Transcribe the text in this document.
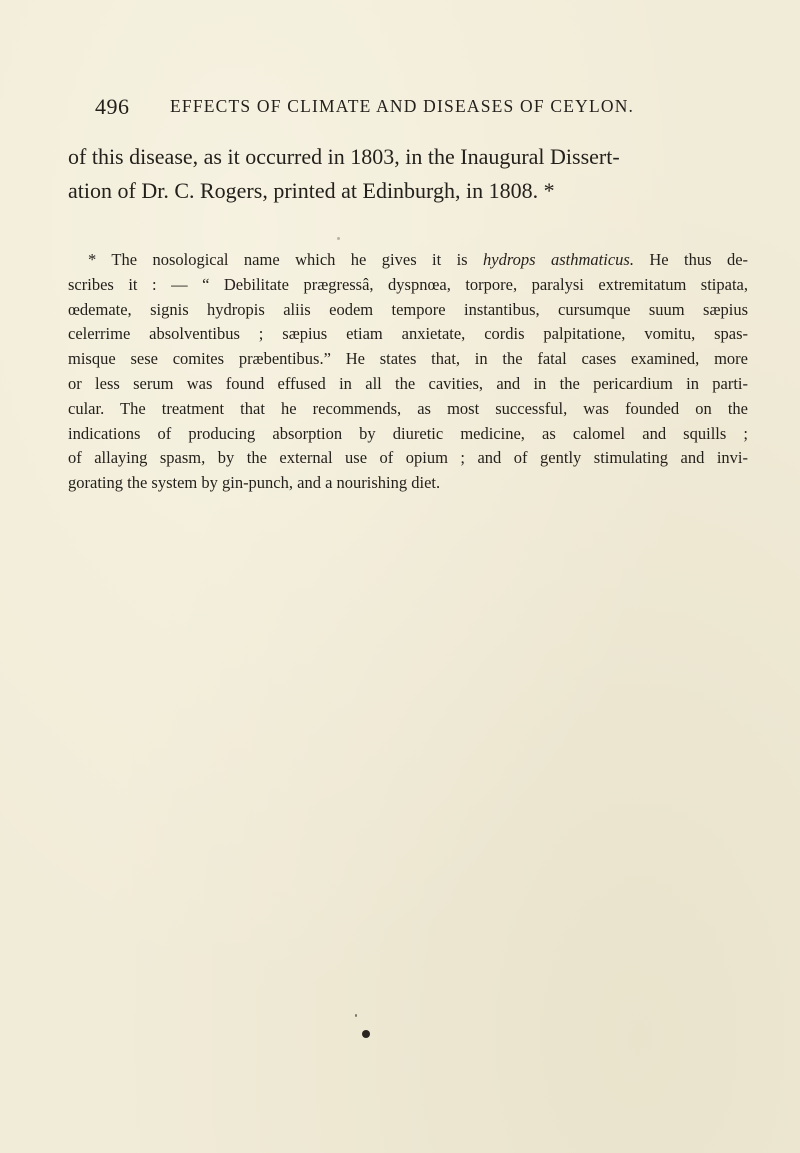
496 EFFECTS OF CLIMATE AND DISEASES OF CEYLON.
of this disease, as it occurred in 1803, in the Inaugural Dissert-
ation of Dr. C. Rogers, printed at Edinburgh, in 1808. *
* The nosological name which he gives it is hydrops asthmaticus. He thus de-
scribes it : — “ Debilitate prægressâ, dyspnœa, torpore, paralysi extremitatum stipata,
œdemate, signis hydropis aliis eodem tempore instantibus, cursumque suum sæpius
celerrime absolventibus ; sæpius etiam anxietate, cordis palpitatione, vomitu, spas-
misque sese comites præbentibus.” He states that, in the fatal cases examined, more
or less serum was found effused in all the cavities, and in the pericardium in parti-
cular. The treatment that he recommends, as most successful, was founded on the
indications of producing absorption by diuretic medicine, as calomel and squills ;
of allaying spasm, by the external use of opium ; and of gently stimulating and invi-
gorating the system by gin-punch, and a nourishing diet.
